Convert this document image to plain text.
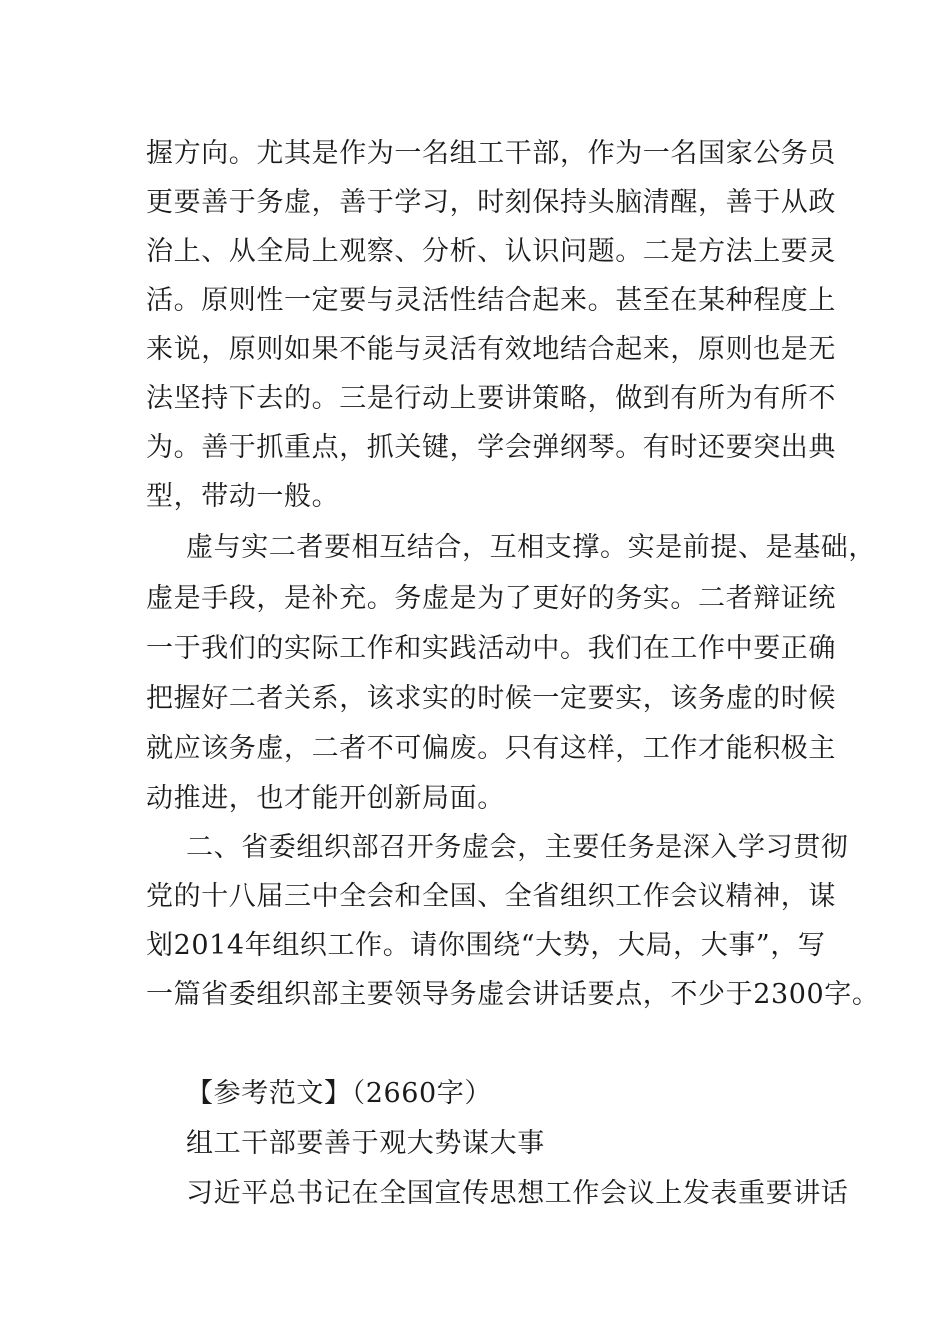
握方向。尤其是作为一名组工干部，作为一名国家公务员
更要善于务虚，善于学习，时刻保持头脑清醒，善于从政
治上、从全局上观察、分析、认识问题。二是方法上要灵
活。原则性一定要与灵活性结合起来。甚至在某种程度上
来说，原则如果不能与灵活有效地结合起来，原则也是无
法坚持下去的。三是行动上要讲策略，做到有所为有所不
为。善于抓重点，抓关键，学会弹纲琴。有时还要突出典
型，带动一般。
虚与实二者要相互结合，互相支撑。实是前提、是基础，
虚是手段，是补充。务虚是为了更好的务实。二者辩证统
一于我们的实际工作和实践活动中。我们在工作中要正确
把握好二者关系，该求实的时候一定要实，该务虚的时候
就应该务虚，二者不可偏废。只有这样，工作才能积极主
动推进，也才能开创新局面。
二、省委组织部召开务虚会，主要任务是深入学习贯彻
党的十八届三中全会和全国、全省组织工作会议精神，谋
划2014年组织工作。请你围绕“大势，大局，大事”，写
一篇省委组织部主要领导务虚会讲话要点，不少于2300字。
【参考范文】（2660字）
组工干部要善于观大势谋大事
习近平总书记在全国宣传思想工作会议上发表重要讲话
